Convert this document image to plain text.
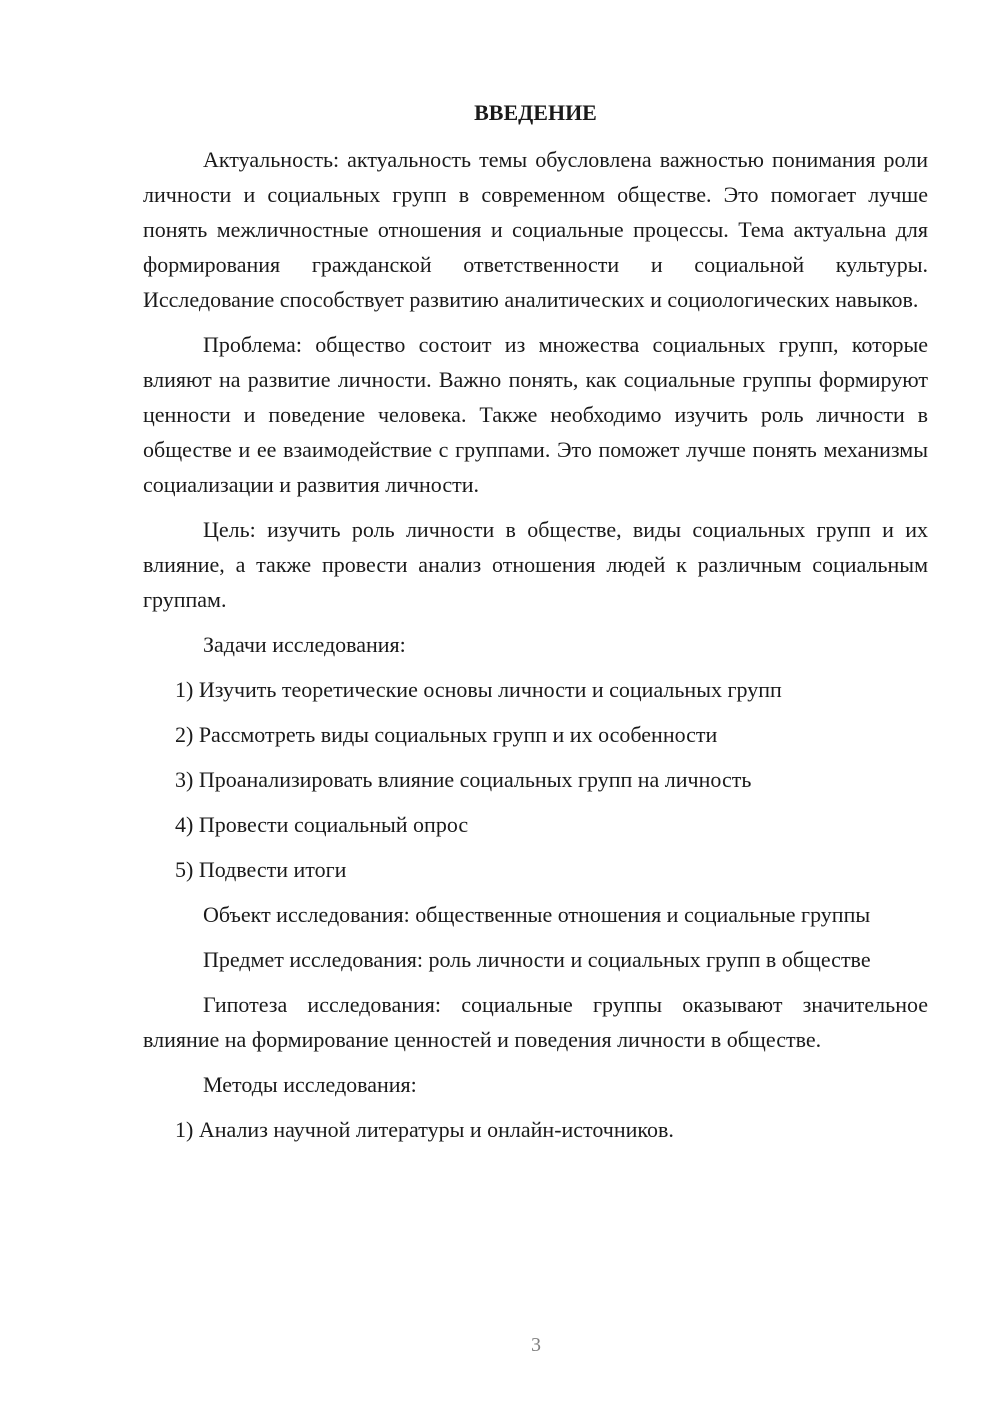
ВВЕДЕНИЕ

Актуальность: актуальность темы обусловлена важностью понимания роли личности и социальных групп в современном обществе. Это помогает лучше понять межличностные отношения и социальные процессы. Тема актуальна для формирования гражданской ответственности и социальной культуры. Исследование способствует развитию аналитических и социологических навыков.

Проблема: общество состоит из множества социальных групп, которые влияют на развитие личности. Важно понять, как социальные группы формируют ценности и поведение человека. Также необходимо изучить роль личности в обществе и ее взаимодействие с группами. Это поможет лучше понять механизмы социализации и развития личности.

Цель: изучить роль личности в обществе, виды социальных групп и их влияние, а также провести анализ отношения людей к различным социальным группам.

Задачи исследования:

1) Изучить теоретические основы личности и социальных групп

2) Рассмотреть виды социальных групп и их особенности

3) Проанализировать влияние социальных групп на личность

4) Провести социальный опрос

5) Подвести итоги

Объект исследования: общественные отношения и социальные группы

Предмет исследования: роль личности и социальных групп в обществе

Гипотеза исследования: социальные группы оказывают значительное влияние на формирование ценностей и поведения личности в обществе.

Методы исследования:

1) Анализ научной литературы и онлайн-источников.

3
